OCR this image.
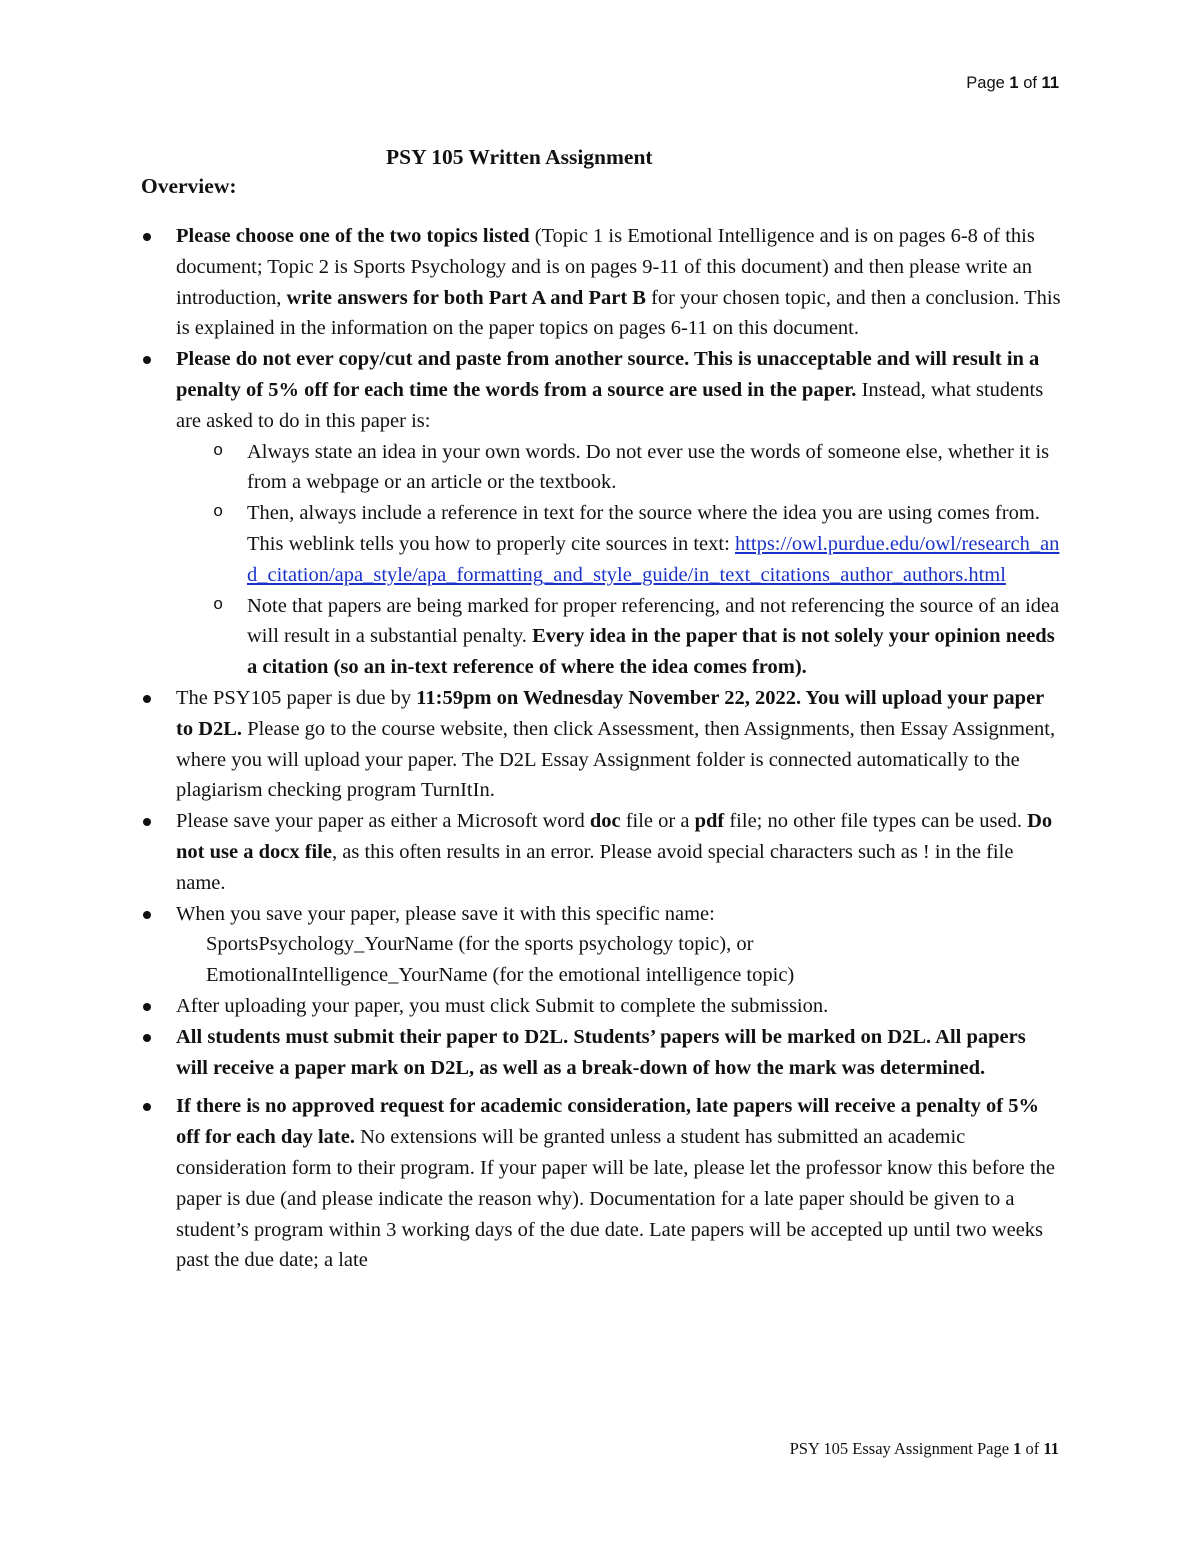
Page 1 of 11
PSY 105 Written Assignment
Overview:
Please choose one of the two topics listed (Topic 1 is Emotional Intelligence and is on pages 6-8 of this document; Topic 2 is Sports Psychology and is on pages 9-11 of this document) and then please write an introduction, write answers for both Part A and Part B for your chosen topic, and then a conclusion. This is explained in the information on the paper topics on pages 6-11 on this document.
Please do not ever copy/cut and paste from another source. This is unacceptable and will result in a penalty of 5% off for each time the words from a source are used in the paper. Instead, what students are asked to do in this paper is:
o Always state an idea in your own words. Do not ever use the words of someone else, whether it is from a webpage or an article or the textbook.
o Then, always include a reference in text for the source where the idea you are using comes from. This weblink tells you how to properly cite sources in text: https://owl.purdue.edu/owl/research_and_citation/apa_style/apa_formatting_and_style_guide/in_text_citations_author_authors.html
o Note that papers are being marked for proper referencing, and not referencing the source of an idea will result in a substantial penalty. Every idea in the paper that is not solely your opinion needs a citation (so an in-text reference of where the idea comes from).
The PSY105 paper is due by 11:59pm on Wednesday November 22, 2022. You will upload your paper to D2L. Please go to the course website, then click Assessment, then Assignments, then Essay Assignment, where you will upload your paper. The D2L Essay Assignment folder is connected automatically to the plagiarism checking program TurnItIn.
Please save your paper as either a Microsoft word doc file or a pdf file; no other file types can be used. Do not use a docx file, as this often results in an error. Please avoid special characters such as ! in the file name.
When you save your paper, please save it with this specific name:
SportsPsychology_YourName (for the sports psychology topic), or
EmotionalIntelligence_YourName (for the emotional intelligence topic)
After uploading your paper, you must click Submit to complete the submission.
All students must submit their paper to D2L. Students’ papers will be marked on D2L. All papers will receive a paper mark on D2L, as well as a break-down of how the mark was determined.
If there is no approved request for academic consideration, late papers will receive a penalty of 5% off for each day late. No extensions will be granted unless a student has submitted an academic consideration form to their program. If your paper will be late, please let the professor know this before the paper is due (and please indicate the reason why). Documentation for a late paper should be given to a student’s program within 3 working days of the due date. Late papers will be accepted up until two weeks past the due date; a late
PSY 105 Essay Assignment Page 1 of 11
